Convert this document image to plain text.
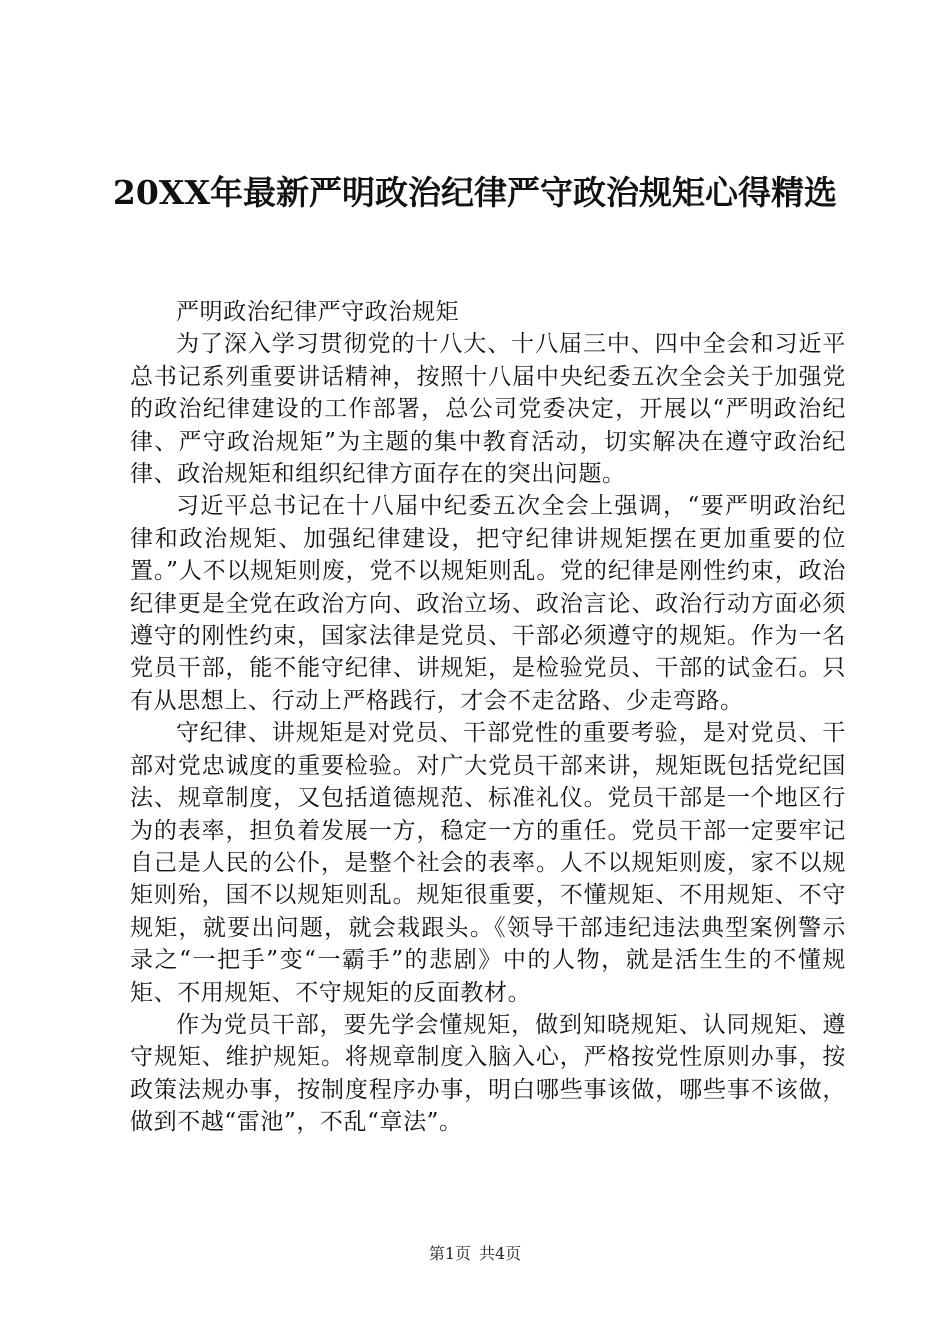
20XX年最新严明政治纪律严守政治规矩心得精选

严明政治纪律严守政治规矩

为了深入学习贯彻党的十八大、十八届三中、四中全会和习近平总书记系列重要讲话精神，按照十八届中央纪委五次全会关于加强党的政治纪律建设的工作部署，总公司党委决定，开展以“严明政治纪律、严守政治规矩”为主题的集中教育活动，切实解决在遵守政治纪律、政治规矩和组织纪律方面存在的突出问题。

习近平总书记在十八届中纪委五次全会上强调，“要严明政治纪律和政治规矩、加强纪律建设，把守纪律讲规矩摆在更加重要的位置。”人不以规矩则废，党不以规矩则乱。党的纪律是刚性约束，政治纪律更是全党在政治方向、政治立场、政治言论、政治行动方面必须遵守的刚性约束，国家法律是党员、干部必须遵守的规矩。作为一名党员干部，能不能守纪律、讲规矩，是检验党员、干部的试金石。只有从思想上、行动上严格践行，才会不走岔路、少走弯路。

守纪律、讲规矩是对党员、干部党性的重要考验，是对党员、干部对党忠诚度的重要检验。对广大党员干部来讲，规矩既包括党纪国法、规章制度，又包括道德规范、标准礼仪。党员干部是一个地区行为的表率，担负着发展一方，稳定一方的重任。党员干部一定要牢记自己是人民的公仆，是整个社会的表率。人不以规矩则废，家不以规矩则殆，国不以规矩则乱。规矩很重要，不懂规矩、不用规矩、不守规矩，就要出问题，就会栽跟头。《领导干部违纪违法典型案例警示录之“一把手”变“一霸手”的悲剧》中的人物，就是活生生的不懂规矩、不用规矩、不守规矩的反面教材。

作为党员干部，要先学会懂规矩，做到知晓规矩、认同规矩、遵守规矩、维护规矩。将规章制度入脑入心，严格按党性原则办事，按政策法规办事，按制度程序办事，明白哪些事该做，哪些事不该做，做到不越“雷池”，不乱“章法”。

第1页 共4页
